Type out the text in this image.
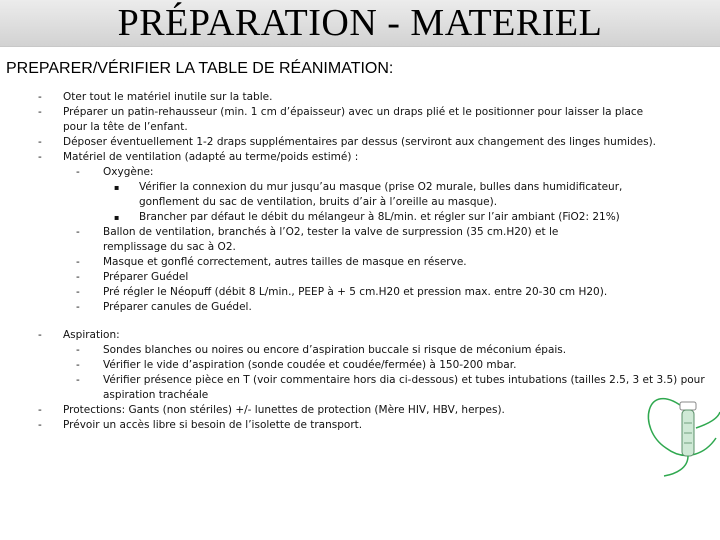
PRÉPARATION - MATERIEL
PREPARER/VÉRIFIER LA TABLE DE RÉANIMATION:
- Oter tout le matériel inutile sur la table.
- Préparer un patin-rehausseur (min. 1 cm d’épaisseur) avec un draps plié et le positionner pour laisser la place pour la tête de l’enfant.
- Déposer éventuellement 1-2 draps supplémentaires par dessus (serviront aux changement des linges humides).
- Matériel de ventilation (adapté au terme/poids estimé) :
- Oxygène:
▪ Vérifier la connexion du mur jusqu’au masque (prise O2 murale, bulles dans humidificateur, gonflement du sac de ventilation, bruits d’air à l’oreille au masque).
▪ Brancher par défaut le débit du mélangeur à 8L/min. et régler sur l’air ambiant (FiO2: 21%)
- Ballon de ventilation, branchés à l’O2, tester la valve de surpression (35 cm.H20) et le remplissage du sac à O2.
- Masque et gonflé correctement, autres tailles de masque en réserve.
- Préparer Guédel
- Pré régler le Néopuff (débit 8 L/min., PEEP à + 5 cm.H20 et pression max. entre 20-30 cm H20).
- Préparer canules de Guédel.
- Aspiration:
- Sondes blanches ou noires ou encore d’aspiration buccale si risque de méconium épais.
- Vérifier le vide d’aspiration (sonde coudée et coudée/fermée) à 150-200 mbar.
- Vérifier présence pièce en T (voir commentaire hors dia ci-dessous) et tubes intubations (tailles 2.5, 3 et 3.5) pour aspiration trachéale
- Protections: Gants (non stériles) +/- lunettes de protection (Mère HIV, HBV, herpes).
- Prévoir un accès libre si besoin de l’isolette de transport.
